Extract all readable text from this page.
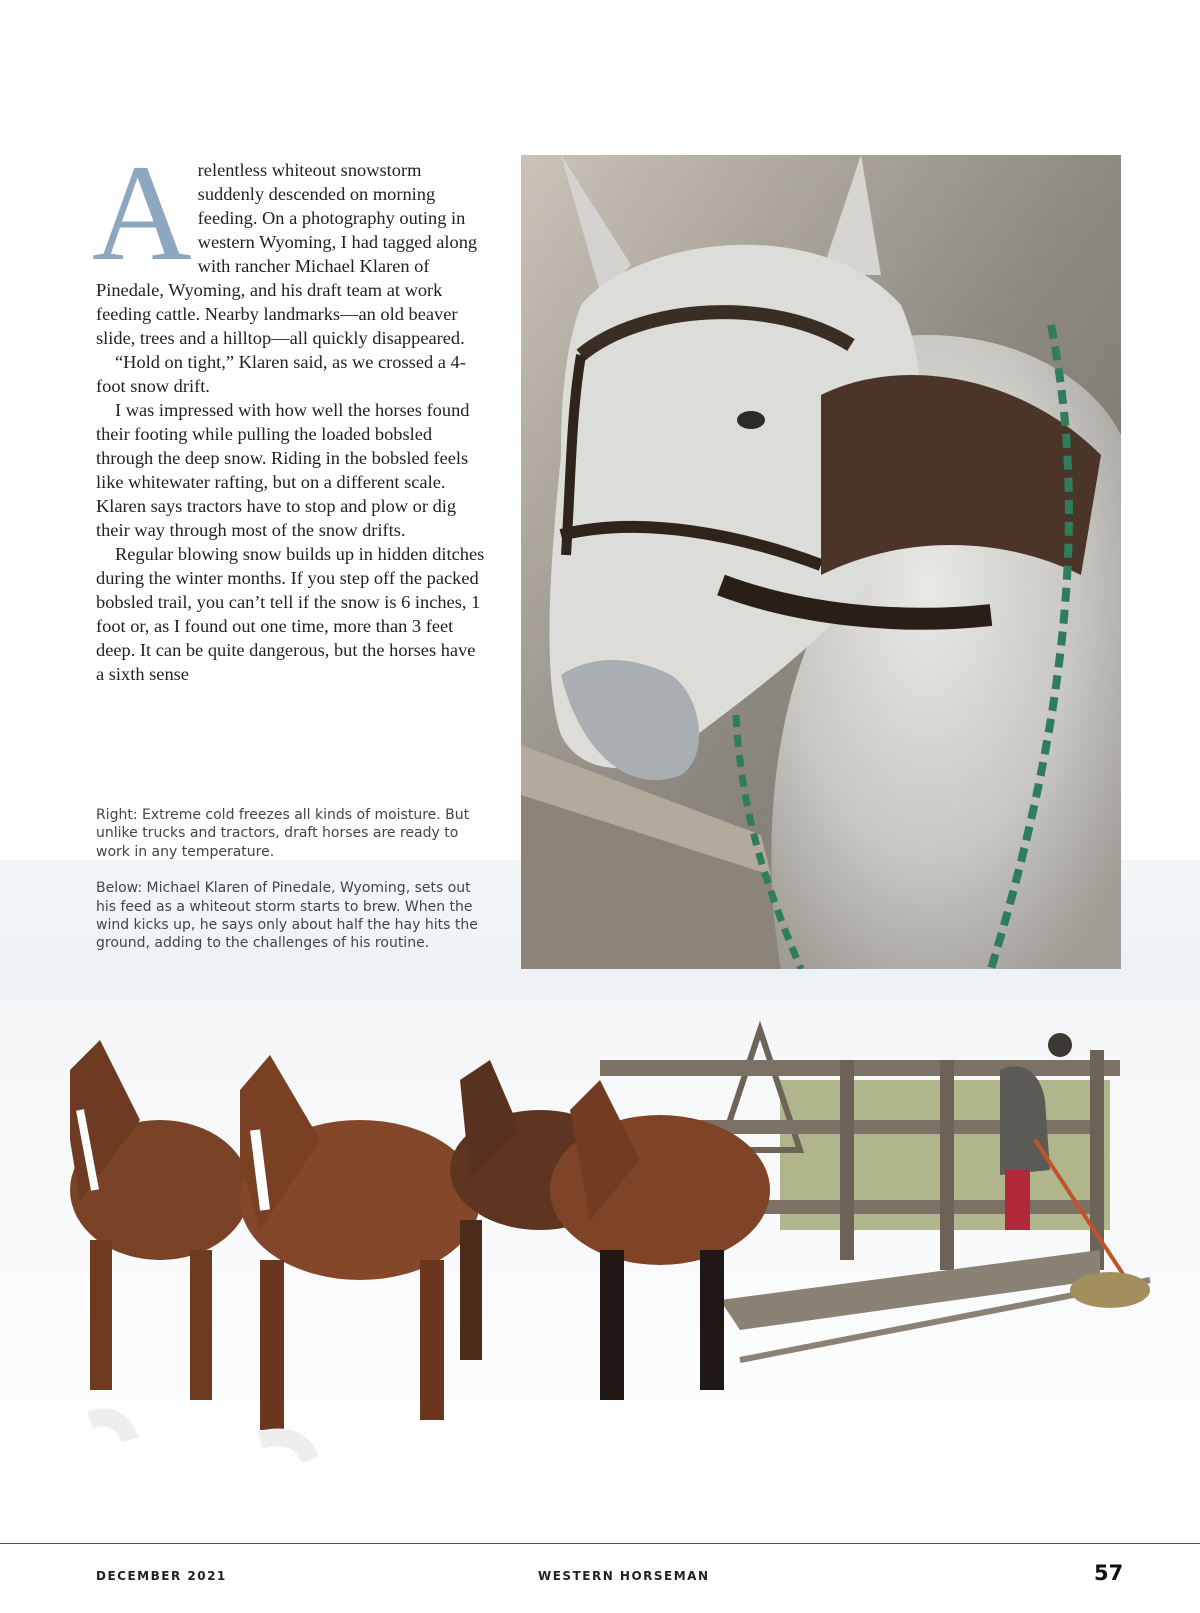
Arelentless whiteout snowstorm suddenly descended on morning feeding. On a photography outing in western Wyoming, I had tagged along with rancher Michael Klaren of Pinedale, Wyoming, and his draft team at work feeding cattle. Nearby landmarks—an old beaver slide, trees and a hilltop—all quickly disappeared.

“Hold on tight,” Klaren said, as we crossed a 4-foot snow drift.

I was impressed with how well the horses found their footing while pulling the loaded bobsled through the deep snow. Riding in the bobsled feels like whitewater rafting, but on a different scale. Klaren says tractors have to stop and plow or dig their way through most of the snow drifts.

Regular blowing snow builds up in hidden ditches during the winter months. If you step off the packed bobsled trail, you can’t tell if the snow is 6 inches, 1 foot or, as I found out one time, more than 3 feet deep. It can be quite dangerous, but the horses have a sixth sense

Right: Extreme cold freezes all kinds of moisture. But unlike trucks and tractors, draft horses are ready to work in any temperature.

Below: Michael Klaren of Pinedale, Wyoming, sets out his feed as a whiteout storm starts to brew. When the wind kicks up, he says only about half the hay hits the ground, adding to the challenges of his routine.

DECEMBER 2021	WESTERN HORSEMAN	57
